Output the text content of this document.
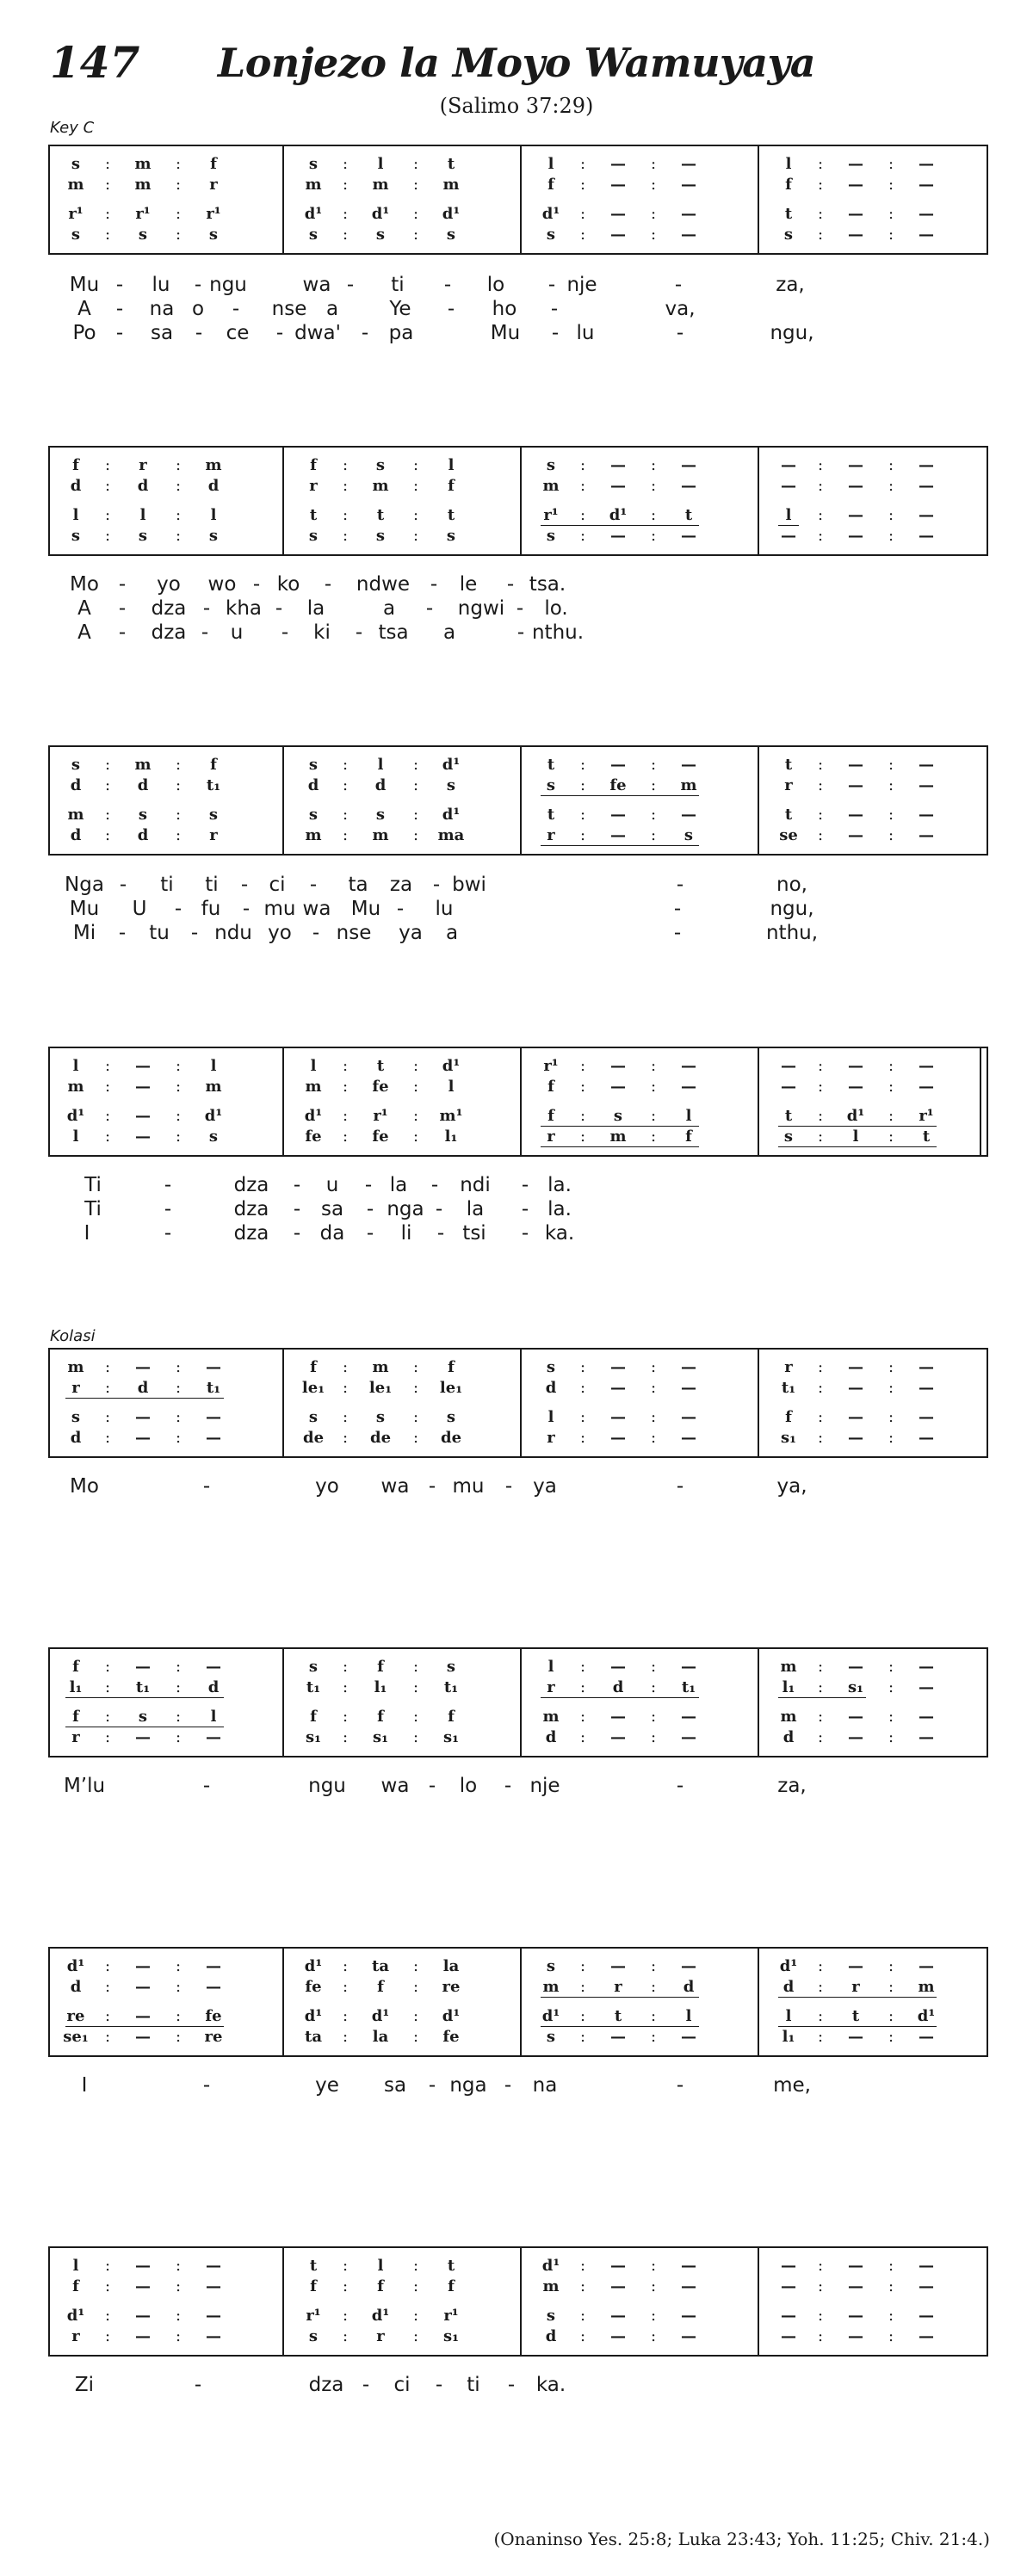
147	Lonjezo la Moyo Wamuyaya
(Salimo 37:29)
Key C
Kolasi
s : m : f	s : l : t	l : — : —	l : — : —
m : m : r	m : m : m	f : — : —	f : — : —
r¹ : r¹ : r¹	d¹ : d¹ : d¹	d¹ : — : —	t : — : —
s : s : s	s : s : s	s : — : —	s : — : —
Mu - lu - ngu	wa - ti - lo - nje	-	za,
A - na o - nse a	Ye - ho -	va,
Po - sa - ce - dwa' - pa	Mu - lu	-	ngu,
f : r : m	f : s : l	s : — : —	— : — : —
d : d : d	r : m : f	m : — : —	— : — : —
l : l : l	t : t : t	r¹ : d¹ : t	l : — : —
s : s : s	s : s : s	s : — : —	— : — : —
Mo - yo wo - ko - ndwe - le - tsa.
A - dza - kha - la	a - ngwi - lo.
A - dza - u - ki - tsa a	- nthu.
s : m : f	s : l : d¹	t : — : —	t : — : —
d : d : t₁	d : d : s	s : fe : m	r : — : —
m : s : s	s : s : d¹	t : — : —	t : — : —
d : d : r	m : m : ma	r : — : s	se : — : —
Nga - ti ti - ci - ta za - bwi	-	no,
Mu U - fu - mu wa Mu - lu	-	ngu,
Mi - tu - ndu yo - nse ya a	-	nthu,
l : — : l	l : t : d¹	r¹ : — : —	— : — : —
m : — : m	m : fe : l	f : — : —	— : — : —
d¹ : — : d¹	d¹ : r¹ : m¹	f : s : l	t : d¹ : r¹
l : — : s	fe : fe : l₁	r : m : f	s : l : t
Ti	-	dza - u - la - ndi - la.
Ti	-	dza - sa - nga - la - la.
I	-	dza - da - li - tsi - ka.
m : — : —	f : m : f	s : — : —	r : — : —
r : d : t₁	le₁ : le₁ : le₁	d : — : —	t₁ : — : —
s : — : —	s : s : s	l : — : —	f : — : —
d : — : —	de : de : de	r : — : —	s₁ : — : —
Mo	-	yo wa - mu - ya	-	ya,
f : — : —	s : f : s	l : — : —	m : — : —
l₁ : t₁ : d	t₁ : l₁ : t₁	r : d : t₁	l₁ : s₁ : —
f : s : l	f : f : f	m : — : —	m : — : —
r : — : —	s₁ : s₁ : s₁	d : — : —	d : — : —
M’lu	-	ngu wa - lo - nje	-	za,
d¹ : — : —	d¹ : ta : la	s : — : —	d¹ : — : —
d : — : —	fe : f : re	m : r : d	d : r : m
re : — : fe	d¹ : d¹ : d¹	d¹ : t : l	l : t : d¹
se₁ : — : re	ta : la : fe	s : — : —	l₁ : — : —
I	-	ye sa - nga - na	-	me,
l : — : —	t : l : t	d¹ : — : —	— : — : —
f : — : —	f : f : f	m : — : —	— : — : —
d¹ : — : —	r¹ : d¹ : r¹	s : — : —	— : — : —
r : — : —	s : r : s₁	d : — : —	— : — : —
Zi	-	dza - ci - ti - ka.
(Onaninso Yes. 25:8; Luka 23:43; Yoh. 11:25; Chiv. 21:4.)
